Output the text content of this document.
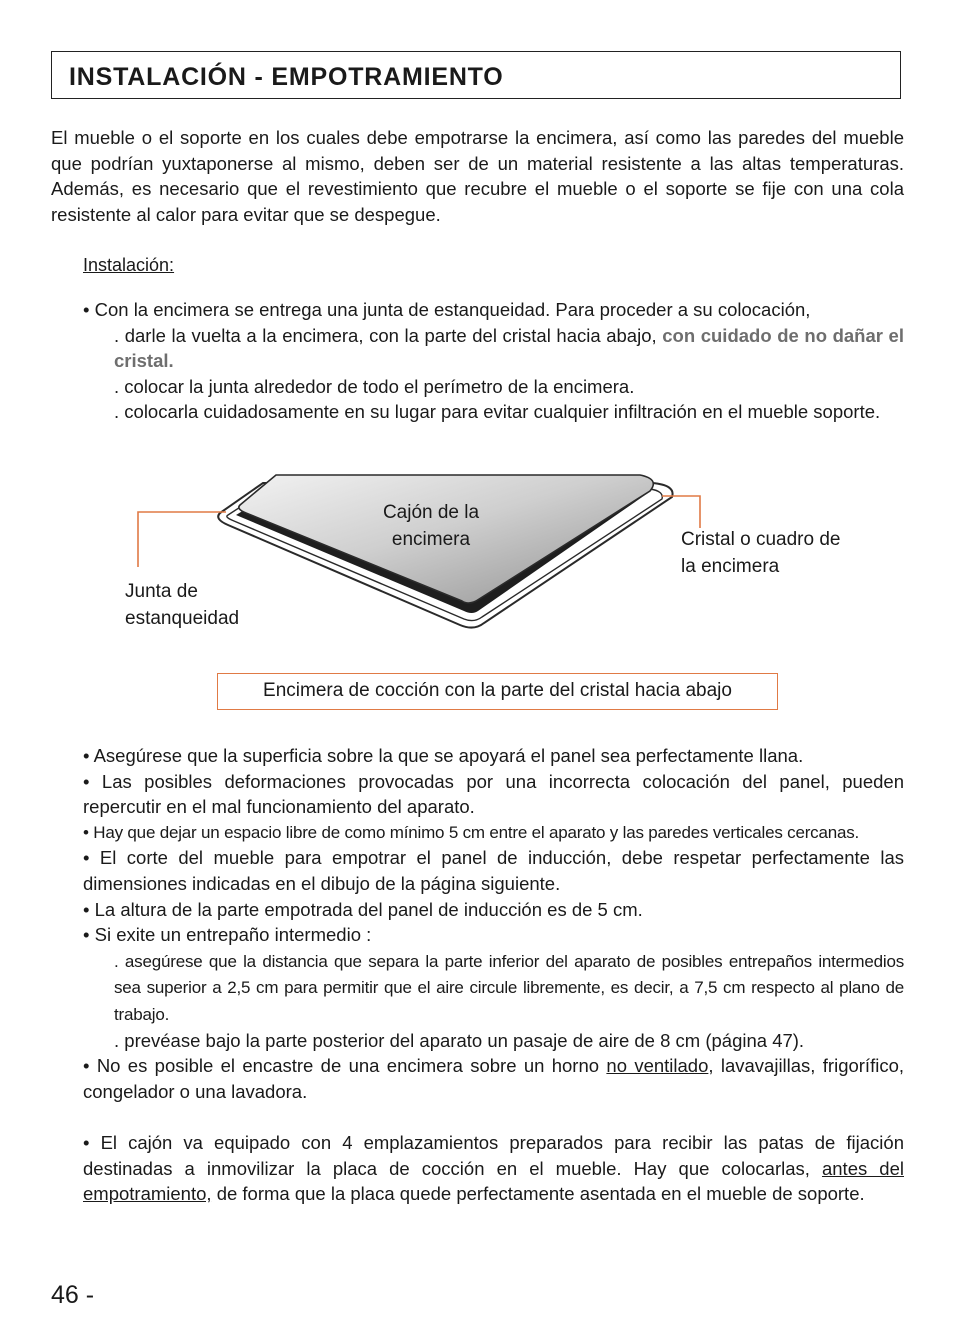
INSTALACIÓN - EMPOTRAMIENTO

El mueble o el soporte en los cuales debe empotrarse la encimera, así como las paredes del mueble que podrían yuxtaponerse al mismo, deben ser de un material resistente a las altas temperaturas. Además, es necesario que el revestimiento que recubre el mueble o el soporte se fije con una cola resistente al calor para evitar que se despegue.

Instalación:
• Con la encimera se entrega una junta de estanqueidad. Para proceder a su colocación,
. darle la vuelta a la encimera, con la parte del cristal hacia abajo, con cuidado de no dañar el cristal.
. colocar la junta alrededor de todo el perímetro de la encimera.
. colocarla cuidadosamente en su lugar para evitar cualquier infiltración en el mueble soporte.
Cajón de la encimera
Junta de estanqueidad
Cristal o cuadro de la encimera
Encimera de cocción con la parte del cristal hacia abajo
• Asegúrese que la superficia sobre la que se apoyará el panel sea perfectamente llana.
• Las posibles deformaciones provocadas por una incorrecta colocación del panel, pueden repercutir en el mal funcionamiento del aparato.
• Hay que dejar un espacio libre de como mínimo 5 cm entre el aparato y las paredes verticales cercanas.
• El corte del mueble para empotrar el panel de inducción, debe respetar perfectamente las dimensiones indicadas en el dibujo de la página siguiente.
• La altura de la parte empotrada del panel de inducción es de 5 cm.
• Si exite un entrepaño intermedio :
. asegúrese que la distancia que separa la parte inferior del aparato de posibles entrepaños intermedios sea superior a 2,5 cm para permitir que el aire circule libremente, es decir, a 7,5 cm respecto al plano de trabajo.
. prevéase bajo la parte posterior del aparato un pasaje de aire de 8 cm (página 47).
• No es posible el encastre de una encimera sobre un horno no ventilado, lavavajillas, frigorífico, congelador o una lavadora.
• El cajón va equipado con 4 emplazamientos preparados para recibir las patas de fijación destinadas a inmovilizar la placa de cocción en el mueble. Hay que colocarlas, antes del empotramiento, de forma que la placa quede perfectamente asentada en el mueble de soporte.
46 -
